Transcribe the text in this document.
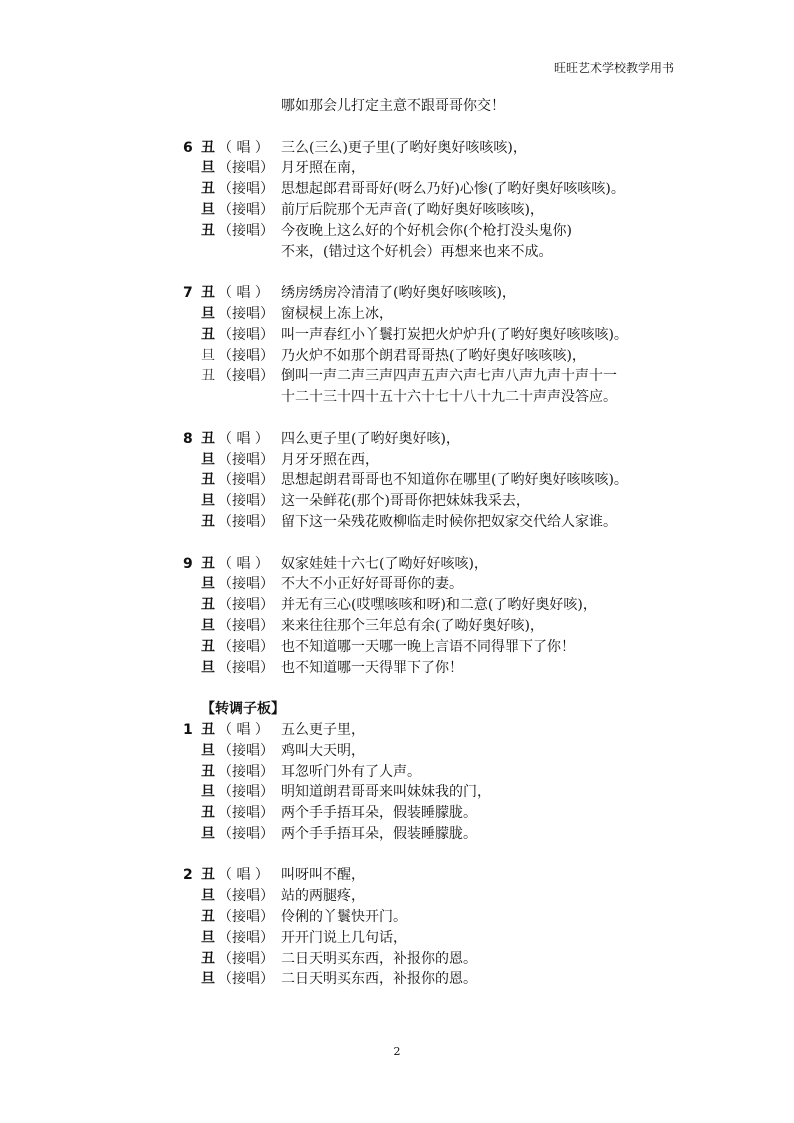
旺旺艺术学校教学用书
哪如那会儿打定主意不跟哥哥你交！
6 丑 （ 唱 ） 三么(三么)更子里(了哟好奥好咳咳咳)，
旦 （接唱） 月牙照在南，
丑 （接唱） 思想起郎君哥哥好(呀么乃好)心惨(了哟好奥好咳咳咳)。
旦 （接唱） 前厅后院那个无声音(了呦好奥好咳咳咳)，
丑 （接唱） 今夜晚上这么好的个好机会你(个枪打没头鬼你)
不来，(错过这个好机会）再想来也来不成。
7 丑 （ 唱 ） 绣房绣房冷清清了(哟好奥好咳咳咳)，
旦 （接唱） 窗棂棂上冻上冰，
丑 （接唱） 叫一声春红小丫鬟打炭把火炉炉升(了哟好奥好咳咳咳)。
旦 （接唱） 乃火炉不如那个朗君哥哥热(了哟好奥好咳咳咳)，
丑 （接唱） 倒叫一声二声三声四声五声六声七声八声九声十声十一
十二十三十四十五十六十七十八十九二十声声没答应。
8 丑 （ 唱 ） 四么更子里(了哟好奥好咳)，
旦 （接唱） 月牙牙照在西，
丑 （接唱） 思想起朗君哥哥也不知道你在哪里(了哟好奥好咳咳咳)。
旦 （接唱） 这一朵鲜花(那个)哥哥你把妹妹我采去，
丑 （接唱） 留下这一朵残花败柳临走时候你把奴家交代给人家谁。
9 丑 （ 唱 ） 奴家娃娃十六七(了呦好好咳咳)，
旦 （接唱） 不大不小正好好哥哥你的妻。
丑 （接唱） 并无有三心(哎嘿咳咳和呀)和二意(了哟好奥好咳)，
旦 （接唱） 来来往往那个三年总有余(了呦好奥好咳)，
丑 （接唱） 也不知道哪一天哪一晚上言语不同得罪下了你！
旦 （接唱） 也不知道哪一天得罪下了你！
【转调子板】
1 丑 （ 唱 ） 五么更子里，
旦 （接唱） 鸡叫大天明，
丑 （接唱） 耳忽听门外有了人声。
旦 （接唱） 明知道朗君哥哥来叫妹妹我的门，
丑 （接唱） 两个手手捂耳朵，假装睡朦胧。
旦 （接唱） 两个手手捂耳朵，假装睡朦胧。
2 丑 （ 唱 ） 叫呀叫不醒，
旦 （接唱） 站的两腿疼，
丑 （接唱） 伶俐的丫鬟快开门。
旦 （接唱） 开开门说上几句话，
丑 （接唱） 二日天明买东西，补报你的恩。
旦 （接唱） 二日天明买东西，补报你的恩。
2
